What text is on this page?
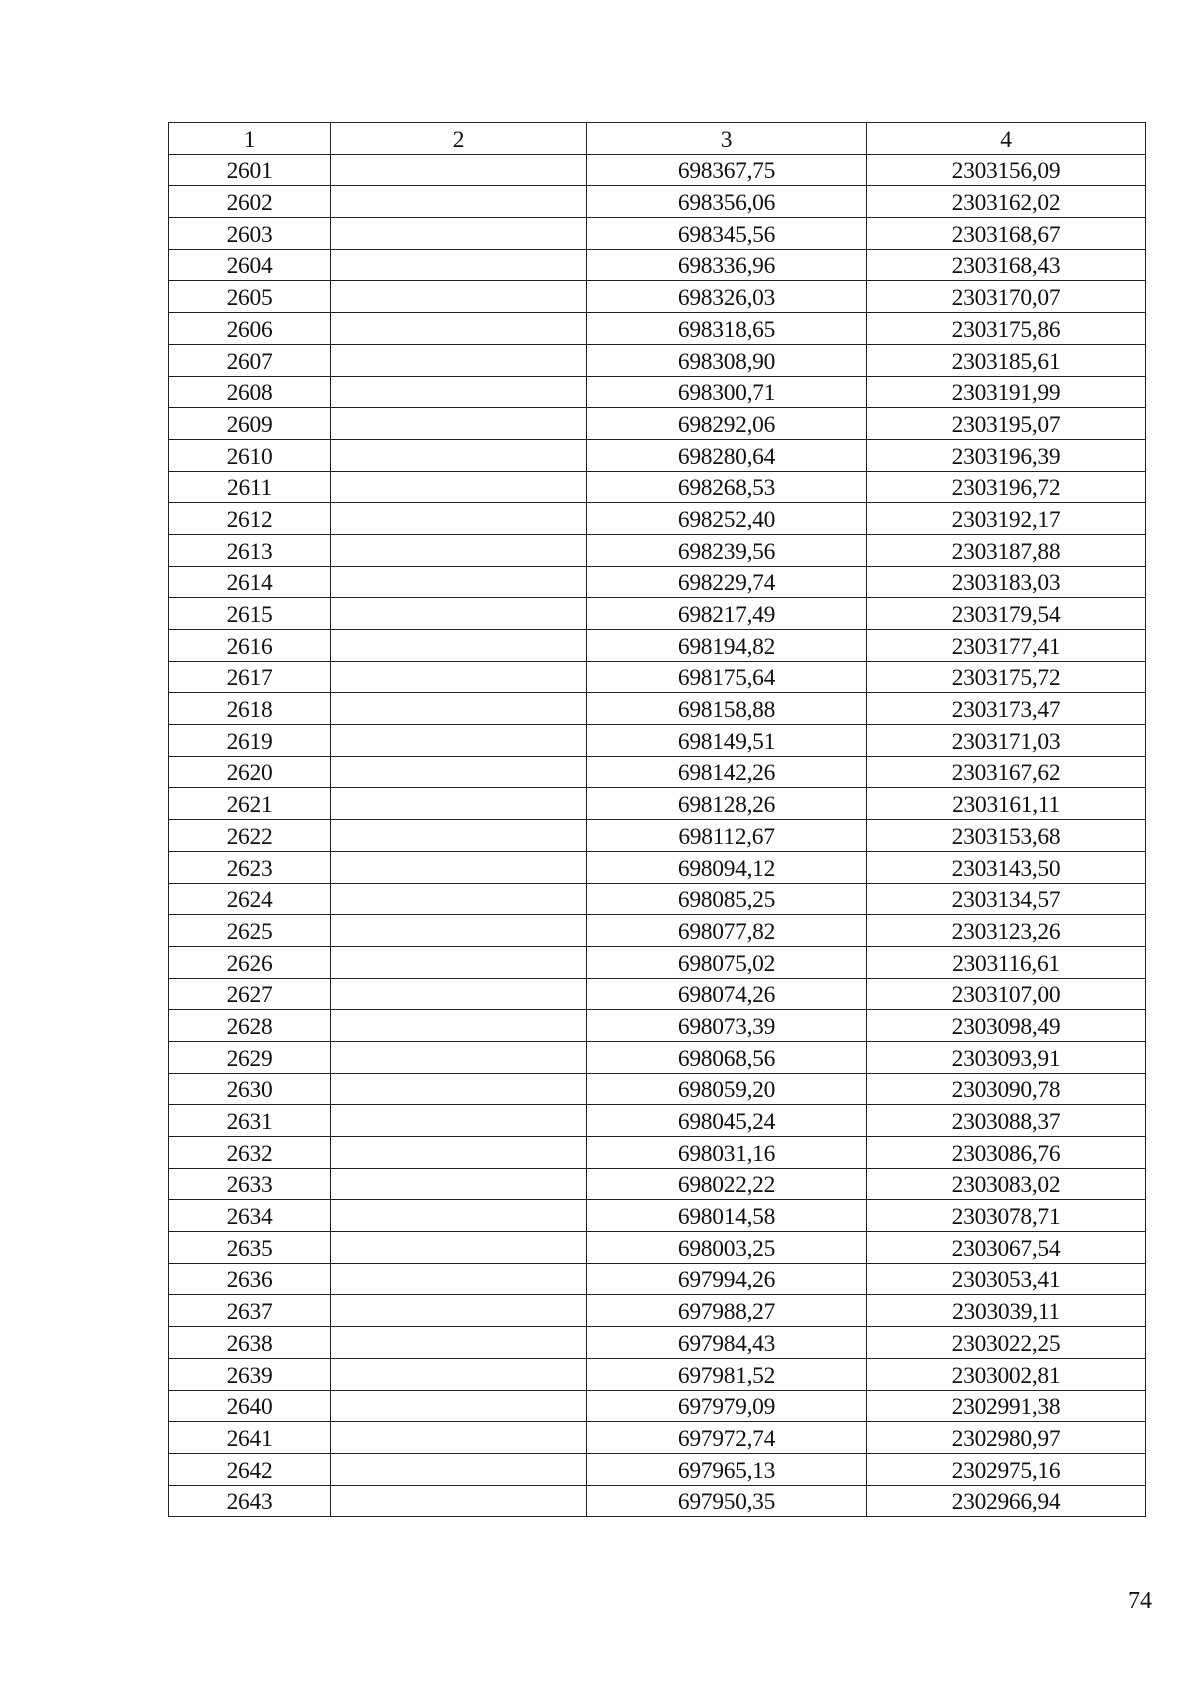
1	2	3	4
2601		698367,75	2303156,09
2602		698356,06	2303162,02
2603		698345,56	2303168,67
2604		698336,96	2303168,43
2605		698326,03	2303170,07
2606		698318,65	2303175,86
2607		698308,90	2303185,61
2608		698300,71	2303191,99
2609		698292,06	2303195,07
2610		698280,64	2303196,39
2611		698268,53	2303196,72
2612		698252,40	2303192,17
2613		698239,56	2303187,88
2614		698229,74	2303183,03
2615		698217,49	2303179,54
2616		698194,82	2303177,41
2617		698175,64	2303175,72
2618		698158,88	2303173,47
2619		698149,51	2303171,03
2620		698142,26	2303167,62
2621		698128,26	2303161,11
2622		698112,67	2303153,68
2623		698094,12	2303143,50
2624		698085,25	2303134,57
2625		698077,82	2303123,26
2626		698075,02	2303116,61
2627		698074,26	2303107,00
2628		698073,39	2303098,49
2629		698068,56	2303093,91
2630		698059,20	2303090,78
2631		698045,24	2303088,37
2632		698031,16	2303086,76
2633		698022,22	2303083,02
2634		698014,58	2303078,71
2635		698003,25	2303067,54
2636		697994,26	2303053,41
2637		697988,27	2303039,11
2638		697984,43	2303022,25
2639		697981,52	2303002,81
2640		697979,09	2302991,38
2641		697972,74	2302980,97
2642		697965,13	2302975,16
2643		697950,35	2302966,94
74
